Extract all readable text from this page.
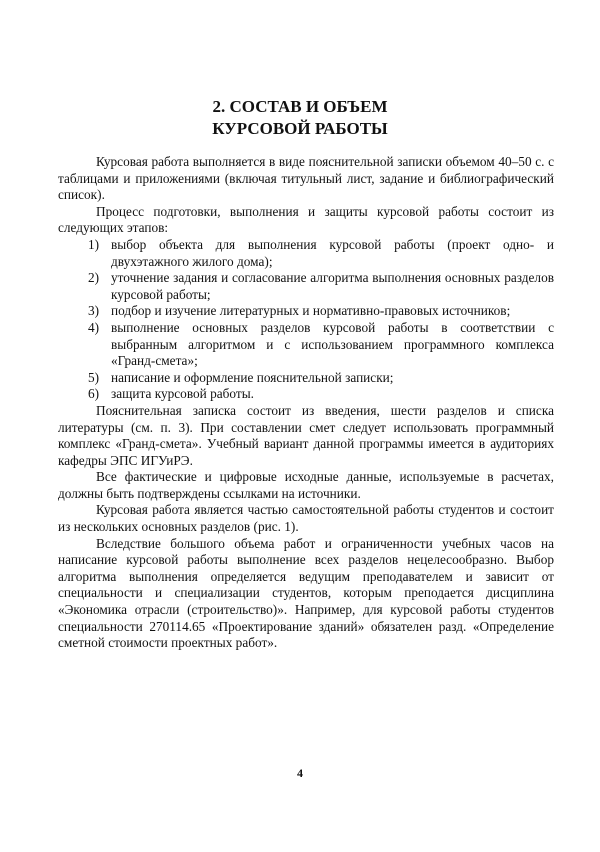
2. СОСТАВ И ОБЪЕМ
КУРСОВОЙ РАБОТЫ

Курсовая работа выполняется в виде пояснительной записки объемом 40–50 с. с таблицами и приложениями (включая титульный лист, задание и библиографический список).

Процесс подготовки, выполнения и защиты курсовой работы состоит из следующих этапов:

1) выбор объекта для выполнения курсовой работы (проект одно- и двухэтажного жилого дома);
2) уточнение задания и согласование алгоритма выполнения основных разделов курсовой работы;
3) подбор и изучение литературных и нормативно-правовых источников;
4) выполнение основных разделов курсовой работы в соответствии с выбранным алгоритмом и с использованием программного комплекса «Гранд-смета»;
5) написание и оформление пояснительной записки;
6) защита курсовой работы.

Пояснительная записка состоит из введения, шести разделов и списка литературы (см. п. 3). При составлении смет следует использовать программный комплекс «Гранд-смета». Учебный вариант данной программы имеется в аудиториях кафедры ЭПС ИГУиРЭ.

Все фактические и цифровые исходные данные, используемые в расчетах, должны быть подтверждены ссылками на источники.

Курсовая работа является частью самостоятельной работы студентов и состоит из нескольких основных разделов (рис. 1).

Вследствие большого объема работ и ограниченности учебных часов на написание курсовой работы выполнение всех разделов нецелесообразно. Выбор алгоритма выполнения определяется ведущим преподавателем и зависит от специальности и специализации студентов, которым преподается дисциплина «Экономика отрасли (строительство)». Например, для курсовой работы студентов специальности 270114.65 «Проектирование зданий» обязателен разд. «Определение сметной стоимости проектных работ».

4
